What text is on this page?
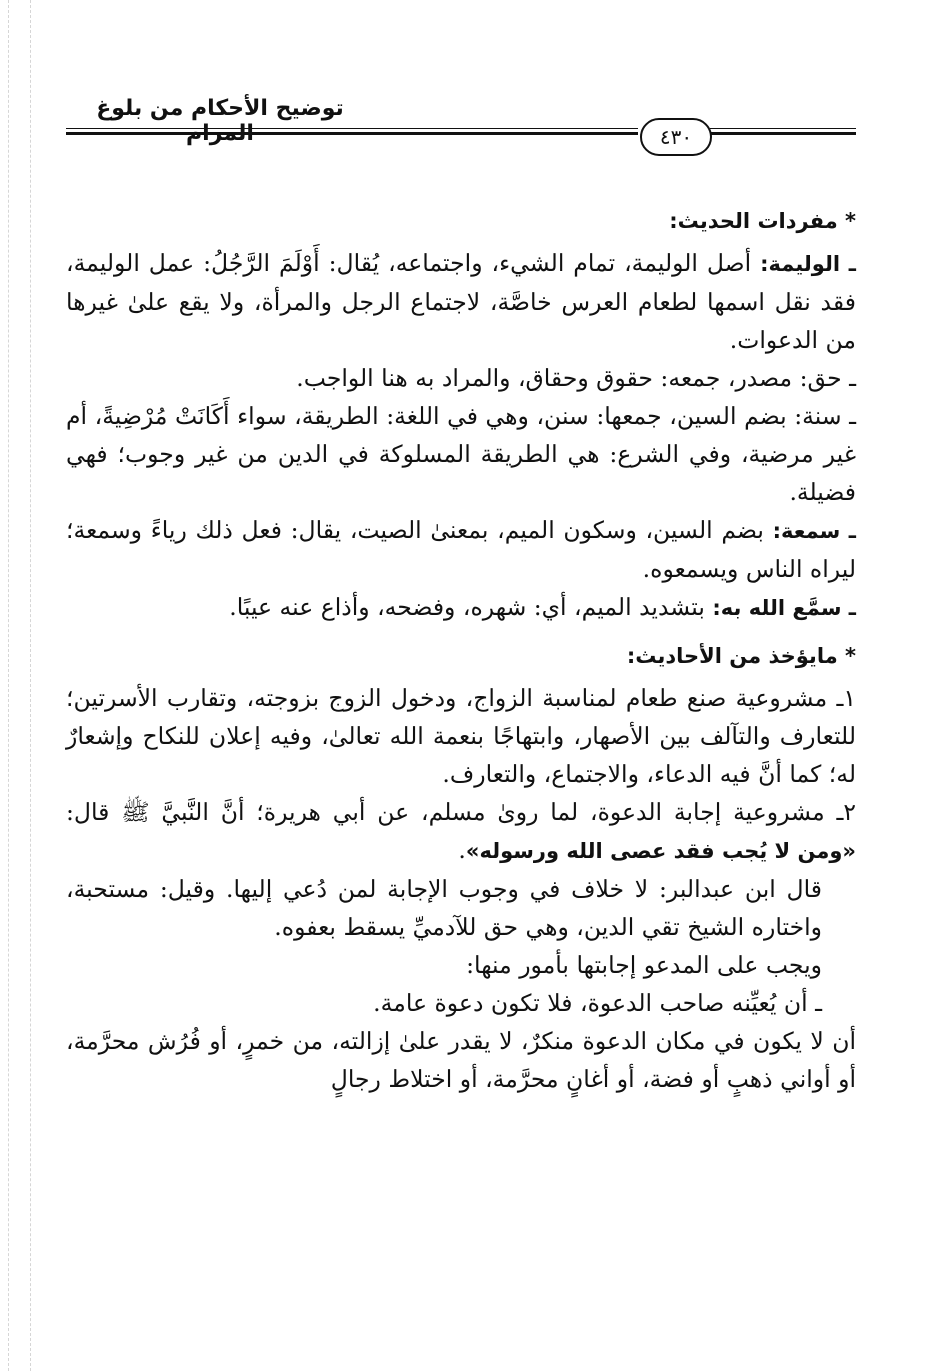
توضيح الأحكام من بلوغ المرام	٤٣٠

* مفردات الحديث:

ـ الوليمة: أصل الوليمة، تمام الشيء، واجتماعه، يُقال: أَوْلَمَ الرَّجُلُ: عمل الوليمة، فقد نقل اسمها لطعام العرس خاصَّة، لاجتماع الرجل والمرأة، ولا يقع علىٰ غيرها من الدعوات.

ـ حق: مصدر، جمعه: حقوق وحقاق، والمراد به هنا الواجب.

ـ سنة: بضم السين، جمعها: سنن، وهي في اللغة: الطريقة، سواء أَكَانَتْ مُرْضِيةً، أم غير مرضية، وفي الشرع: هي الطريقة المسلوكة في الدين من غير وجوب؛ فهي فضيلة.

ـ سمعة: بضم السين، وسكون الميم، بمعنىٰ الصيت، يقال: فعل ذلك رياءً وسمعة؛ ليراه الناس ويسمعوه.

ـ سمَّع الله به: بتشديد الميم، أي: شهره، وفضحه، وأذاع عنه عيبًا.

* مايؤخذ من الأحاديث:

١ـ مشروعية صنع طعام لمناسبة الزواج، ودخول الزوج بزوجته، وتقارب الأسرتين؛ للتعارف والتآلف بين الأصهار، وابتهاجًا بنعمة الله تعالىٰ، وفيه إعلان للنكاح وإشعارٌ له؛ كما أنَّ فيه الدعاء، والاجتماع، والتعارف.

٢ـ مشروعية إجابة الدعوة، لما روىٰ مسلم، عن أبي هريرة؛ أنَّ النَّبيَّ ﷺ قال: «ومن لا يُجب فقد عصى الله ورسوله».

قال ابن عبدالبر: لا خلاف في وجوب الإجابة لمن دُعي إليها. وقيل: مستحبة، واختاره الشيخ تقي الدين، وهي حق للآدميِّ يسقط بعفوه.

ويجب على المدعو إجابتها بأمور منها:

ـ أن يُعيِّنه صاحب الدعوة، فلا تكون دعوة عامة.

أن لا يكون في مكان الدعوة منكرٌ، لا يقدر علىٰ إزالته، من خمرٍ، أو فُرُش محرَّمة، أو أواني ذهبٍ أو فضة، أو أغانٍ محرَّمة، أو اختلاط رجالٍ
